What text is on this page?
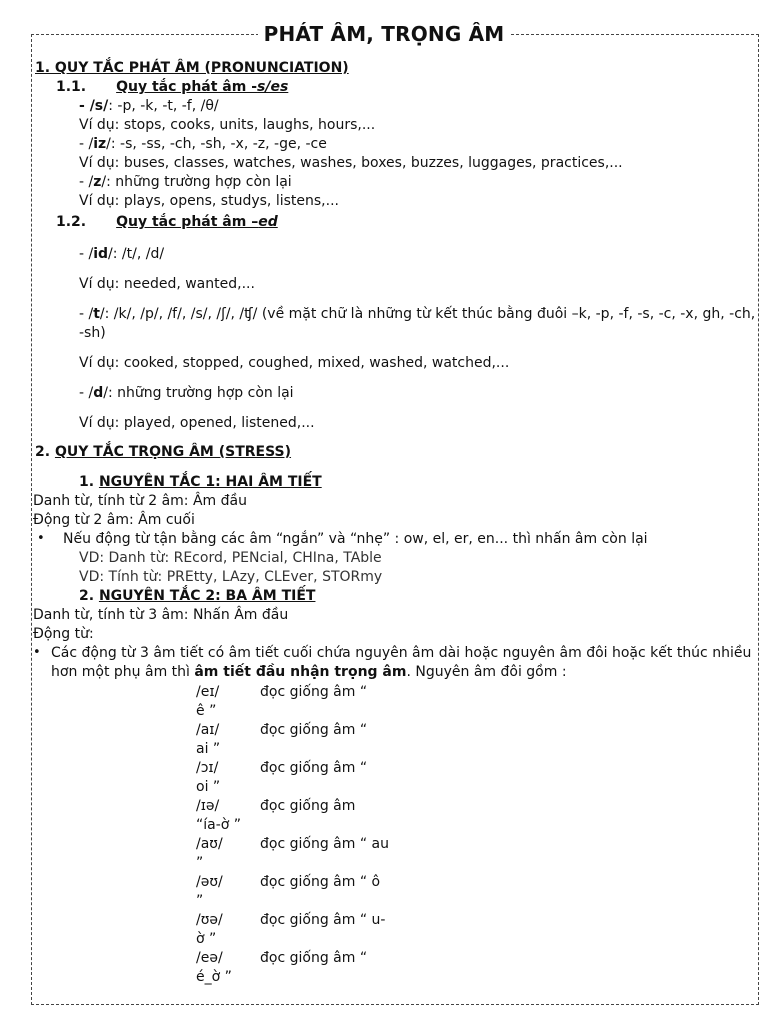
PHÁT ÂM, TRỌNG ÂM
1. QUY TẮC PHÁT ÂM (PRONUNCIATION)
1.1. Quy tắc phát âm -s/es
- /s/: -p, -k, -t, -f, /θ/
Ví dụ: stops, cooks, units, laughs, hours,...
- /iz/: -s, -ss, -ch, -sh, -x, -z, -ge, -ce
Ví dụ: buses, classes, watches, washes, boxes, buzzes, luggages, practices,...
- /z/: những trường hợp còn lại
Ví dụ: plays, opens, studys, listens,...
1.2. Quy tắc phát âm –ed
- /id/: /t/, /d/
Ví dụ: needed, wanted,...
- /t/: /k/, /p/, /f/, /s/, /ʃ/, /ʧ/ (về mặt chữ là những từ kết thúc bằng đuôi –k, -p, -f, -s, -c, -x, gh, -ch, -sh)
Ví dụ: cooked, stopped, coughed, mixed, washed, watched,...
- /d/: những trường hợp còn lại
Ví dụ: played, opened, listened,...
2. QUY TẮC TRỌNG ÂM (STRESS)
1. NGUYÊN TẮC 1: HAI ÂM TIẾT
Danh từ, tính từ 2 âm: Âm đầu
Động từ 2 âm: Âm cuối
• Nếu động từ tận bằng các âm “ngắn” và “nhẹ” : ow, el, er, en... thì nhấn âm còn lại
VD: Danh từ: REcord, PENcial, CHIna, TAble
VD: Tính từ: PREtty, LAzy, CLEver, STORmy
2. NGUYÊN TẮC 2: BA ÂM TIẾT
Danh từ, tính từ 3 âm: Nhấn Âm đầu
Động từ:
• Các động từ 3 âm tiết có âm tiết cuối chứa nguyên âm dài hoặc nguyên âm đôi hoặc kết thúc nhiều hơn một phụ âm thì âm tiết đầu nhận trọng âm. Nguyên âm đôi gồm :
/eɪ/
ê ”
đọc giống âm “
/aɪ/
ai ”
đọc giống âm “
/ɔɪ/
oi ”
đọc giống âm “
/ɪə/
“ía-ờ ”
đọc giống âm
/aʊ/
”
đọc giống âm “ au
/əʊ/
”
đọc giống âm “ ô
/ʊə/
ờ ”
đọc giống âm “ u-
/eə/
é_ờ ”
đọc giống âm “
